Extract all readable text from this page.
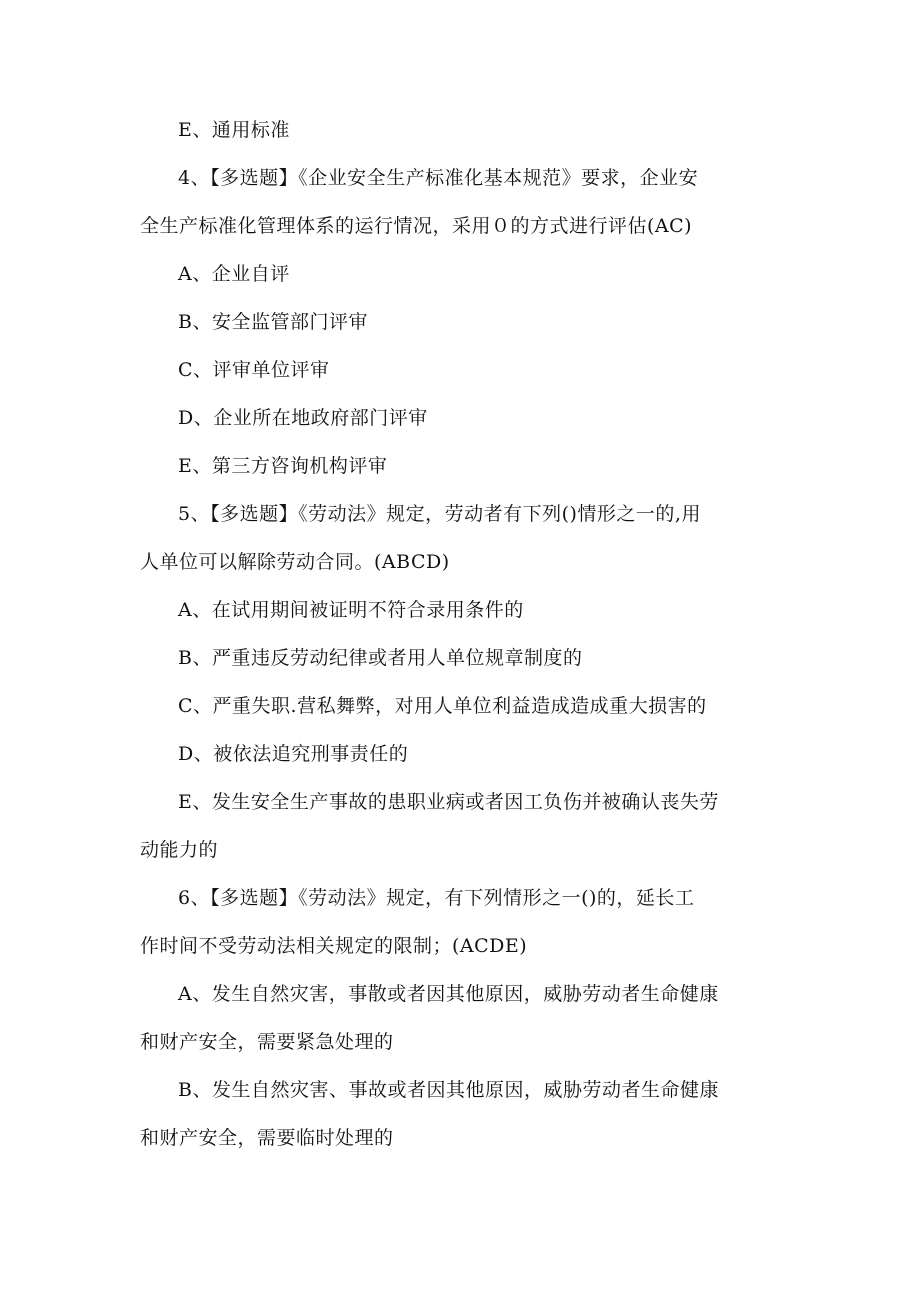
E、通用标准
4、【多选题】《企业安全生产标准化基本规范》要求，企业安
全生产标准化管理体系的运行情况，采用０的方式进行评估(AC)
A、企业自评
B、安全监管部门评审
C、评审单位评审
D、企业所在地政府部门评审
E、第三方咨询机构评审
5、【多选题】《劳动法》规定，劳动者有下列()情形之一的,用
人单位可以解除劳动合同。(ABCD)
A、在试用期间被证明不符合录用条件的
B、严重违反劳动纪律或者用人单位规章制度的
C、严重失职.营私舞弊，对用人单位利益造成造成重大损害的
D、被依法追究刑事责任的
E、发生安全生产事故的患职业病或者因工负伤并被确认丧失劳
动能力的
6、【多选题】《劳动法》规定，有下列情形之一()的，延长工
作时间不受劳动法相关规定的限制；(ACDE)
A、发生自然灾害，事散或者因其他原因，威胁劳动者生命健康
和财产安全，需要紧急处理的
B、发生自然灾害、事故或者因其他原因，威胁劳动者生命健康
和财产安全，需要临时处理的
